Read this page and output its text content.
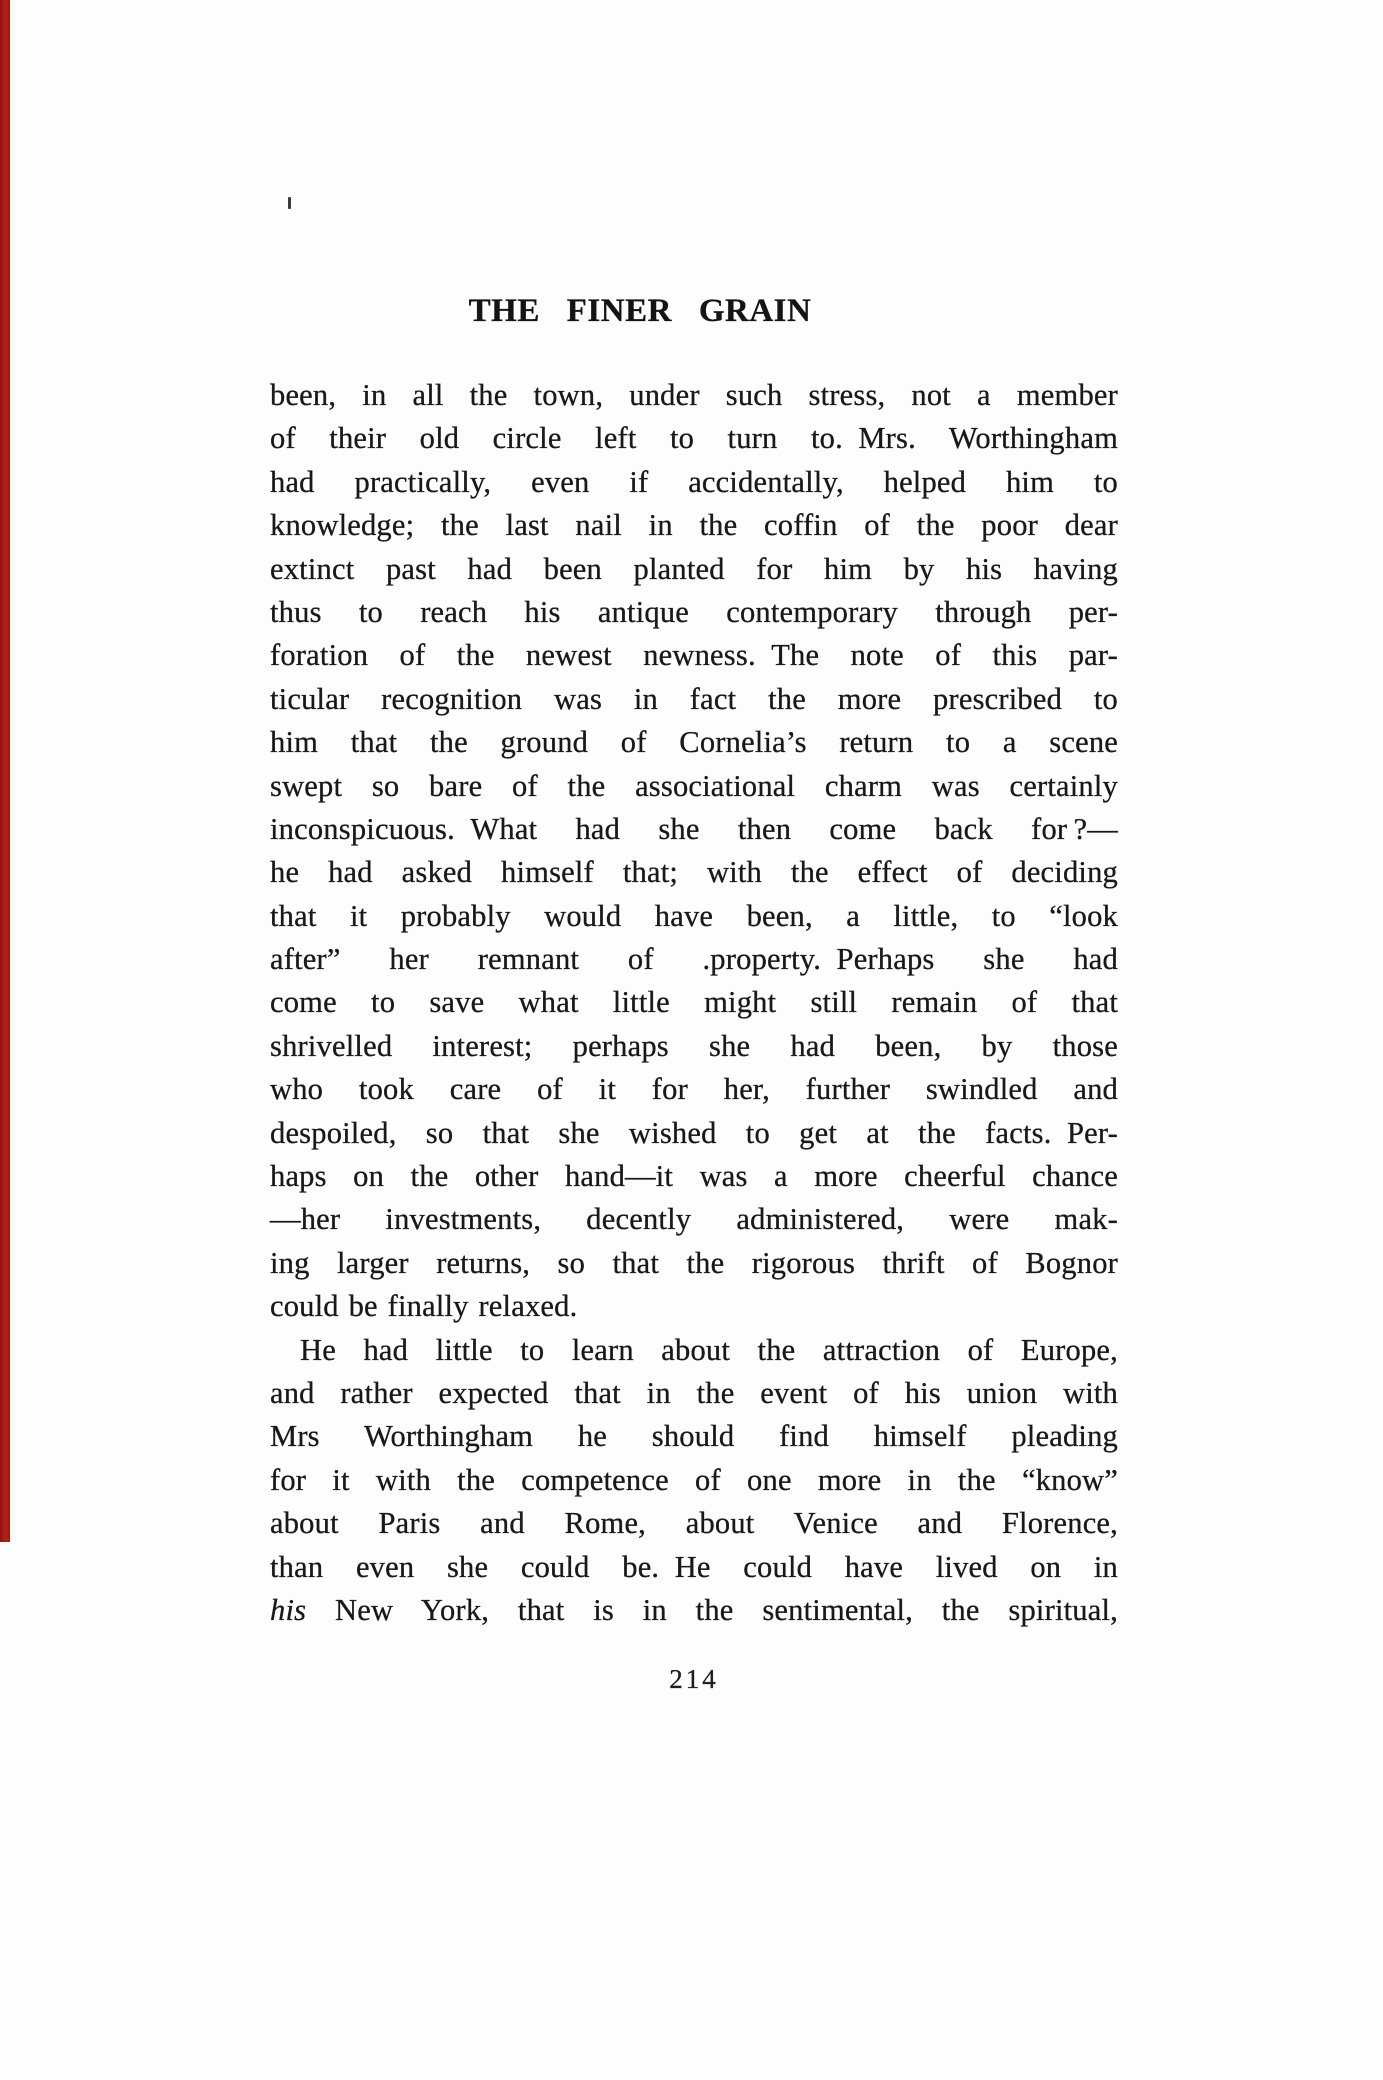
THE FINER GRAIN
been, in all the town, under such stress, not a member
of their old circle left to turn to. Mrs. Worthingham
had practically, even if accidentally, helped him to
knowledge; the last nail in the coffin of the poor dear
extinct past had been planted for him by his having
thus to reach his antique contemporary through per-
foration of the newest newness. The note of this par-
ticular recognition was in fact the more prescribed to
him that the ground of Cornelia’s return to a scene
swept so bare of the associational charm was certainly
inconspicuous. What had she then come back for ?—
he had asked himself that; with the effect of deciding
that it probably would have been, a little, to “look
after” her remnant of .property. Perhaps she had
come to save what little might still remain of that
shrivelled interest; perhaps she had been, by those
who took care of it for her, further swindled and
despoiled, so that she wished to get at the facts. Per-
haps on the other hand—it was a more cheerful chance
—her investments, decently administered, were mak-
ing larger returns, so that the rigorous thrift of Bognor
could be finally relaxed.
He had little to learn about the attraction of Europe,
and rather expected that in the event of his union with
Mrs Worthingham he should find himself pleading
for it with the competence of one more in the “know”
about Paris and Rome, about Venice and Florence,
than even she could be. He could have lived on in
his New York, that is in the sentimental, the spiritual,
214
